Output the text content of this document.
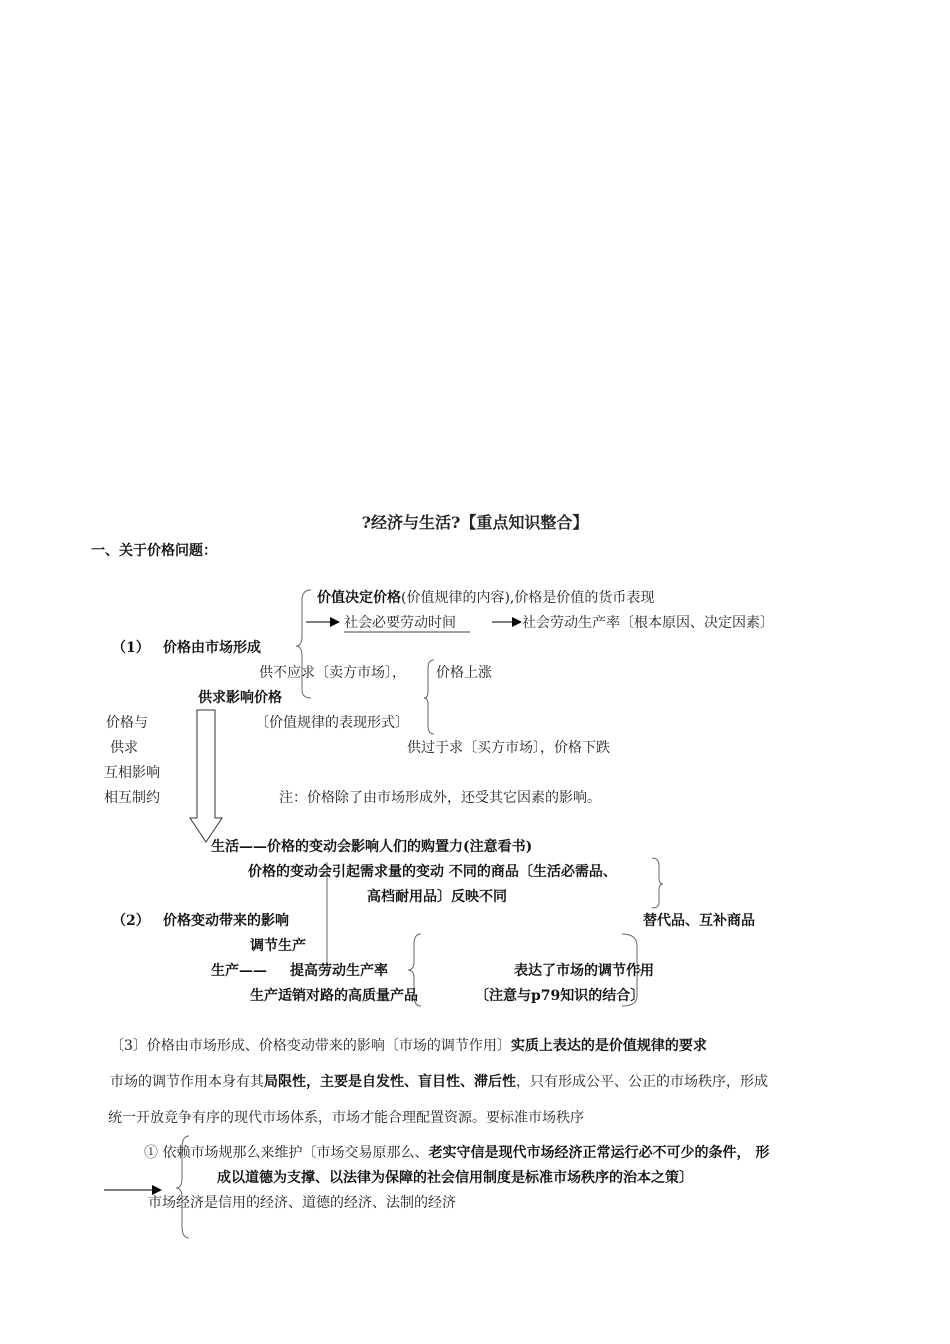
?经济与生活?【重点知识整合】
一、关于价格问题：
价值决定价格(价值规律的内容),价格是价值的货币表现
社会必要劳动时间	社会劳动生产率〔根本原因、决定因素〕
（1） 价格由市场形成
供不应求〔卖方市场〕， 价格上涨
供求影响价格
〔价值规律的表现形式〕
价格与
供求
互相影响
相互制约
供过于求〔买方市场〕，价格下跌
注：价格除了由市场形成外，还受其它因素的影响。
生活——价格的变动会影响人们的购置力(注意看书)
价格的变动会引起需求量的变动 不同的商品〔生活必需品、
高档耐用品〕反映不同
（2） 价格变动带来的影响	替代品、互补商品
调节生产
生产—— 提高劳动生产率	表达了市场的调节作用
生产适销对路的高质量产品	〔注意与p79知识的结合〕
〔3〕价格由市场形成、价格变动带来的影响〔市场的调节作用〕实质上表达的是价值规律的要求
市场的调节作用本身有其局限性，主要是自发性、盲目性、滞后性，只有形成公平、公正的市场秩序，形成
统一开放竞争有序的现代市场体系，市场才能合理配置资源。要标准市场秩序
① 依赖市场规那么来维护〔市场交易原那么、老实守信是现代市场经济正常运行必不可少的条件， 形
成以道德为支撑、以法律为保障的社会信用制度是标准市场秩序的治本之策〕
市场经济是信用的经济、道德的经济、法制的经济
